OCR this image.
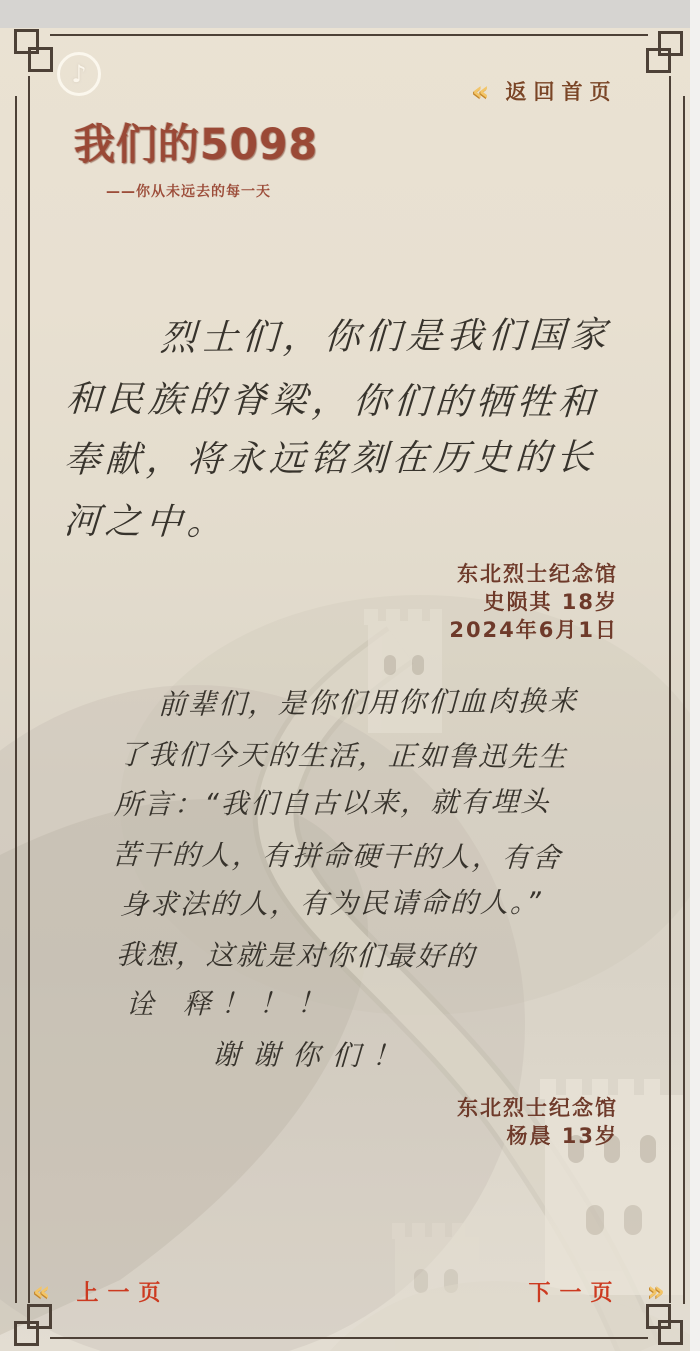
♪
« 返回首页
我们的5098
——你从未远去的每一天
烈士们，你们是我们国家
和民族的脊梁，你们的牺牲和
奉献，将永远铭刻在历史的长
河之中。
东北烈士纪念馆
史陨其 18岁
2024年6月1日
前辈们，是你们用你们血肉换来
了我们今天的生活，正如鲁迅先生
所言：“我们自古以来，就有埋头
苦干的人，有拼命硬干的人，有舍
身求法的人，有为民请命的人。”
我想，这就是对你们最好的
诠 释！！！
谢谢你们！
东北烈士纪念馆
杨晨 13岁
« 上一页	下一页 »
